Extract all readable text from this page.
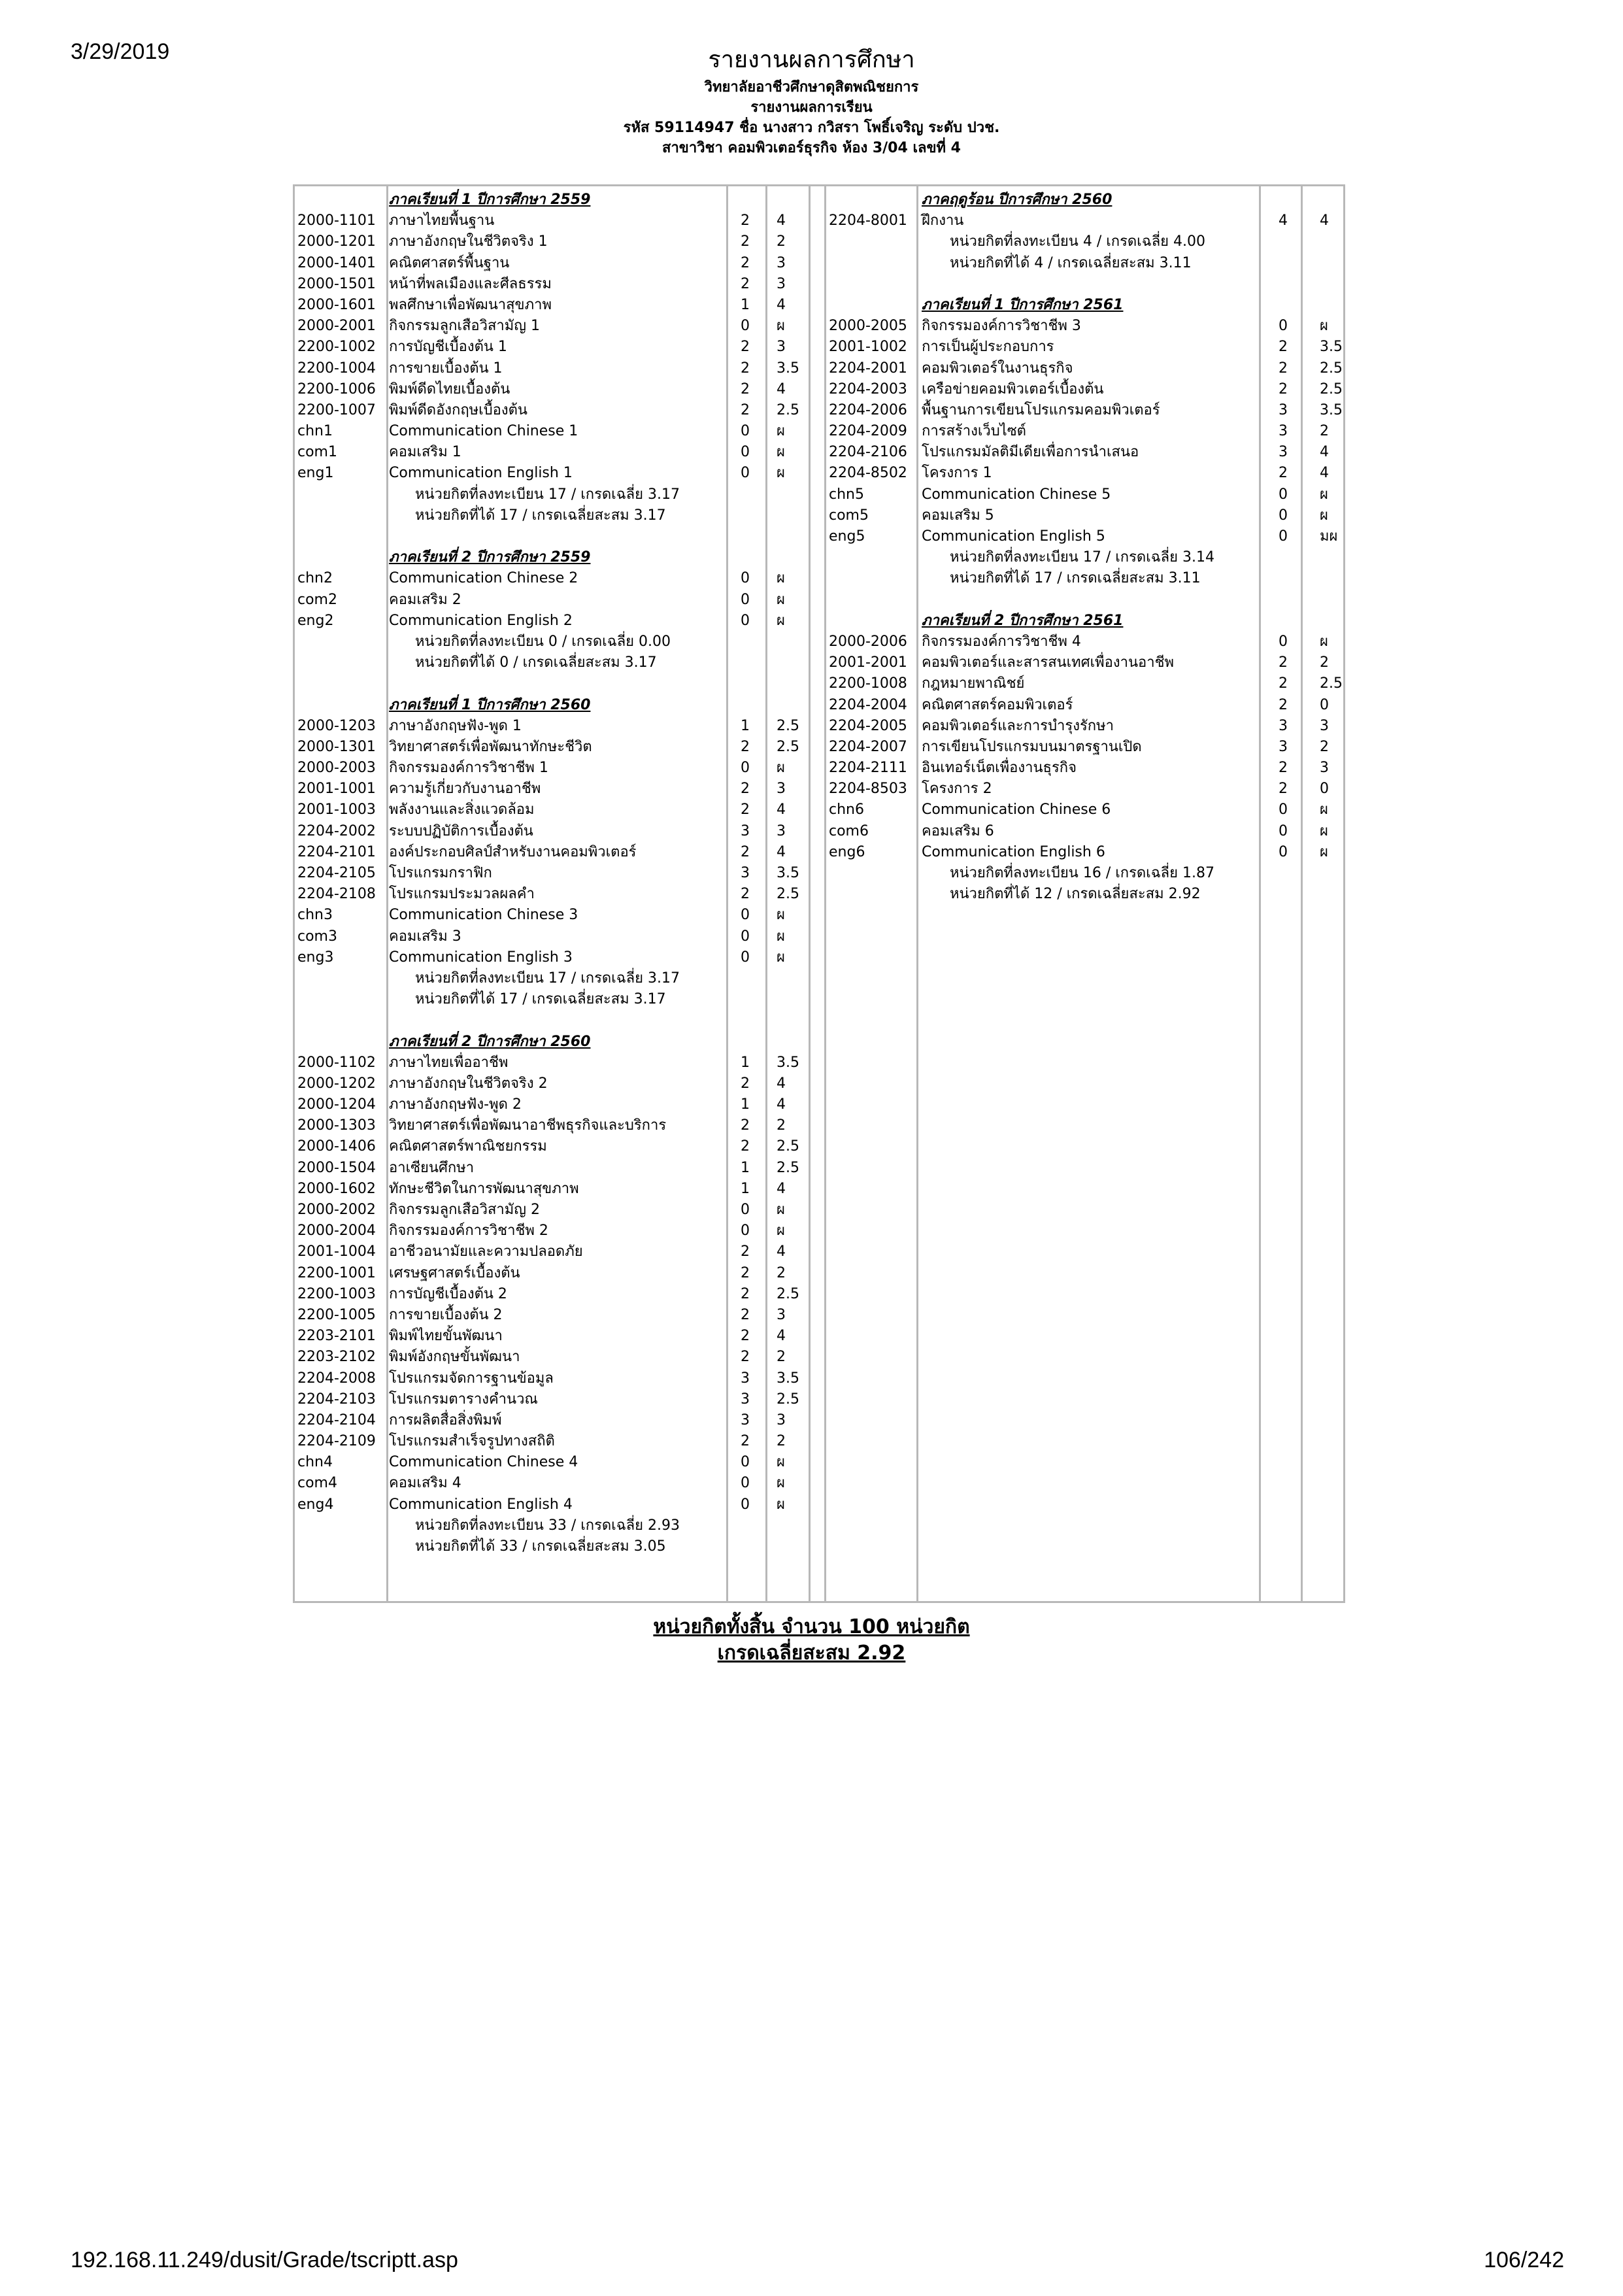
3/29/2019	รายงานผลการศึกษา
วิทยาลัยอาชีวศึกษาดุสิตพณิชยการ
รายงานผลการเรียน
รหัส 59114947 ชื่อ นางสาว กวิสรา โพธิ์เจริญ ระดับ ปวช.
สาขาวิชา คอมพิวเตอร์ธุรกิจ ห้อง 3/04 เลขที่ 4
ภาคเรียนที่ 1 ปีการศึกษา 2559
2000-1101 ภาษาไทยพื้นฐาน	2 4
2000-1201 ภาษาอังกฤษในชีวิตจริง 1	2 2
2000-1401 คณิตศาสตร์พื้นฐาน	2 3
2000-1501 หน้าที่พลเมืองและศีลธรรม	2 3
2000-1601 พลศึกษาเพื่อพัฒนาสุขภาพ	1 4
2000-2001 กิจกรรมลูกเสือวิสามัญ 1	0 ผ
2200-1002 การบัญชีเบื้องต้น 1	2 3
2200-1004 การขายเบื้องต้น 1	2 3.5
2200-1006 พิมพ์ดีดไทยเบื้องต้น	2 4
2200-1007 พิมพ์ดีดอังกฤษเบื้องต้น	2 2.5
chn1	Communication Chinese 1	0 ผ
com1	คอมเสริม 1	0 ผ
eng1	Communication English 1	0 ผ
หน่วยกิตที่ลงทะเบียน 17 / เกรดเฉลี่ย 3.17
หน่วยกิตที่ได้ 17 / เกรดเฉลี่ยสะสม 3.17
ภาคเรียนที่ 2 ปีการศึกษา 2559
chn2	Communication Chinese 2	0 ผ
com2	คอมเสริม 2	0 ผ
eng2	Communication English 2	0 ผ
หน่วยกิตที่ลงทะเบียน 0 / เกรดเฉลี่ย 0.00
หน่วยกิตที่ได้ 0 / เกรดเฉลี่ยสะสม 3.17
ภาคเรียนที่ 1 ปีการศึกษา 2560
2000-1203 ภาษาอังกฤษฟัง-พูด 1	1 2.5
2000-1301 วิทยาศาสตร์เพื่อพัฒนาทักษะชีวิต	2 2.5
2000-2003 กิจกรรมองค์การวิชาชีพ 1	0 ผ
2001-1001 ความรู้เกี่ยวกับงานอาชีพ	2 3
2001-1003 พลังงานและสิ่งแวดล้อม	2 4
2204-2002 ระบบปฏิบัติการเบื้องต้น	3 3
2204-2101 องค์ประกอบศิลป์สำหรับงานคอมพิวเตอร์	2 4
2204-2105 โปรแกรมกราฟิก	3 3.5
2204-2108 โปรแกรมประมวลผลคำ	2 2.5
chn3	Communication Chinese 3	0 ผ
com3	คอมเสริม 3	0 ผ
eng3	Communication English 3	0 ผ
หน่วยกิตที่ลงทะเบียน 17 / เกรดเฉลี่ย 3.17
หน่วยกิตที่ได้ 17 / เกรดเฉลี่ยสะสม 3.17
ภาคเรียนที่ 2 ปีการศึกษา 2560
2000-1102 ภาษาไทยเพื่ออาชีพ	1 3.5
2000-1202 ภาษาอังกฤษในชีวิตจริง 2	2 4
2000-1204 ภาษาอังกฤษฟัง-พูด 2	1 4
2000-1303 วิทยาศาสตร์เพื่อพัฒนาอาชีพธุรกิจและบริการ	2 2
2000-1406 คณิตศาสตร์พาณิชยกรรม	2 2.5
2000-1504 อาเซียนศึกษา	1 2.5
2000-1602 ทักษะชีวิตในการพัฒนาสุขภาพ	1 4
2000-2002 กิจกรรมลูกเสือวิสามัญ 2	0 ผ
2000-2004 กิจกรรมองค์การวิชาชีพ 2	0 ผ
2001-1004 อาชีวอนามัยและความปลอดภัย	2 4
2200-1001 เศรษฐศาสตร์เบื้องต้น	2 2
2200-1003 การบัญชีเบื้องต้น 2	2 2.5
2200-1005 การขายเบื้องต้น 2	2 3
2203-2101 พิมพ์ไทยขั้นพัฒนา	2 4
2203-2102 พิมพ์อังกฤษขั้นพัฒนา	2 2
2204-2008 โปรแกรมจัดการฐานข้อมูล	3 3.5
2204-2103 โปรแกรมตารางคำนวณ	3 2.5
2204-2104 การผลิตสื่อสิ่งพิมพ์	3 3
2204-2109 โปรแกรมสำเร็จรูปทางสถิติ	2 2
chn4	Communication Chinese 4	0 ผ
com4	คอมเสริม 4	0 ผ
eng4	Communication English 4	0 ผ
หน่วยกิตที่ลงทะเบียน 33 / เกรดเฉลี่ย 2.93
หน่วยกิตที่ได้ 33 / เกรดเฉลี่ยสะสม 3.05
ภาคฤดูร้อน ปีการศึกษา 2560
2204-8001 ฝึกงาน	4 4
หน่วยกิตที่ลงทะเบียน 4 / เกรดเฉลี่ย 4.00
หน่วยกิตที่ได้ 4 / เกรดเฉลี่ยสะสม 3.11
ภาคเรียนที่ 1 ปีการศึกษา 2561
2000-2005 กิจกรรมองค์การวิชาชีพ 3	0 ผ
2001-1002 การเป็นผู้ประกอบการ	2 3.5
2204-2001 คอมพิวเตอร์ในงานธุรกิจ	2 2.5
2204-2003 เครือข่ายคอมพิวเตอร์เบื้องต้น	2 2.5
2204-2006 พื้นฐานการเขียนโปรแกรมคอมพิวเตอร์	3 3.5
2204-2009 การสร้างเว็บไซต์	3 2
2204-2106 โปรแกรมมัลติมีเดียเพื่อการนำเสนอ	3 4
2204-8502 โครงการ 1	2 4
chn5	Communication Chinese 5	0 ผ
com5	คอมเสริม 5	0 ผ
eng5	Communication English 5	0 มผ
หน่วยกิตที่ลงทะเบียน 17 / เกรดเฉลี่ย 3.14
หน่วยกิตที่ได้ 17 / เกรดเฉลี่ยสะสม 3.11
ภาคเรียนที่ 2 ปีการศึกษา 2561
2000-2006 กิจกรรมองค์การวิชาชีพ 4	0 ผ
2001-2001 คอมพิวเตอร์และสารสนเทศเพื่องานอาชีพ	2 2
2200-1008 กฎหมายพาณิชย์	2 2.5
2204-2004 คณิตศาสตร์คอมพิวเตอร์	2 0
2204-2005 คอมพิวเตอร์และการบำรุงรักษา	3 3
2204-2007 การเขียนโปรแกรมบนมาตรฐานเปิด	3 2
2204-2111 อินเทอร์เน็ตเพื่องานธุรกิจ	2 3
2204-8503 โครงการ 2	2 0
chn6	Communication Chinese 6	0 ผ
com6	คอมเสริม 6	0 ผ
eng6	Communication English 6	0 ผ
หน่วยกิตที่ลงทะเบียน 16 / เกรดเฉลี่ย 1.87
หน่วยกิตที่ได้ 12 / เกรดเฉลี่ยสะสม 2.92
หน่วยกิตทั้งสิ้น จำนวน 100 หน่วยกิต
เกรดเฉลี่ยสะสม 2.92
192.168.11.249/dusit/Grade/tscriptt.asp	106/242
